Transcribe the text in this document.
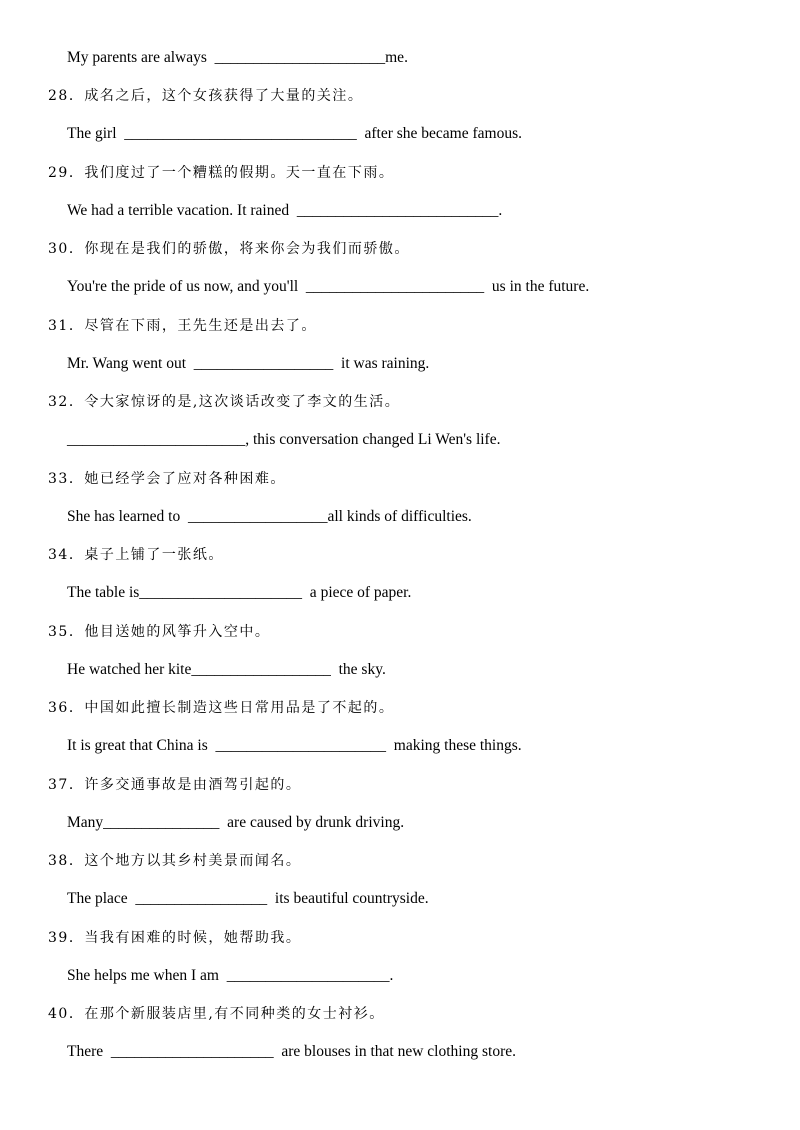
My parents are always  ______________________me.
28．成名之后，这个女孩获得了大量的关注。
The girl  ______________________________  after she became famous.
29．我们度过了一个糟糕的假期。天一直在下雨。
We had a terrible vacation. It rained  __________________________.
30．你现在是我们的骄傲，将来你会为我们而骄傲。
You're the pride of us now, and you'll  _______________________  us in the future.
31．尽管在下雨，王先生还是出去了。
Mr. Wang went out  __________________  it was raining.
32．令大家惊讶的是,这次谈话改变了李文的生活。
_______________________, this conversation changed Li Wen's life.
33．她已经学会了应对各种困难。
She has learned to  __________________all kinds of difficulties.
34．桌子上铺了一张纸。
The table is_____________________  a piece of paper.
35．他目送她的风筝升入空中。
He watched her kite__________________  the sky.
36．中国如此擅长制造这些日常用品是了不起的。
It is great that China is  ______________________  making these things.
37．许多交通事故是由酒驾引起的。
Many_______________  are caused by drunk driving.
38．这个地方以其乡村美景而闻名。
The place  _________________  its beautiful countryside.
39．当我有困难的时候，她帮助我。
She helps me when I am  _____________________.
40．在那个新服装店里,有不同种类的女士衬衫。
There  _____________________  are blouses in that new clothing store.
